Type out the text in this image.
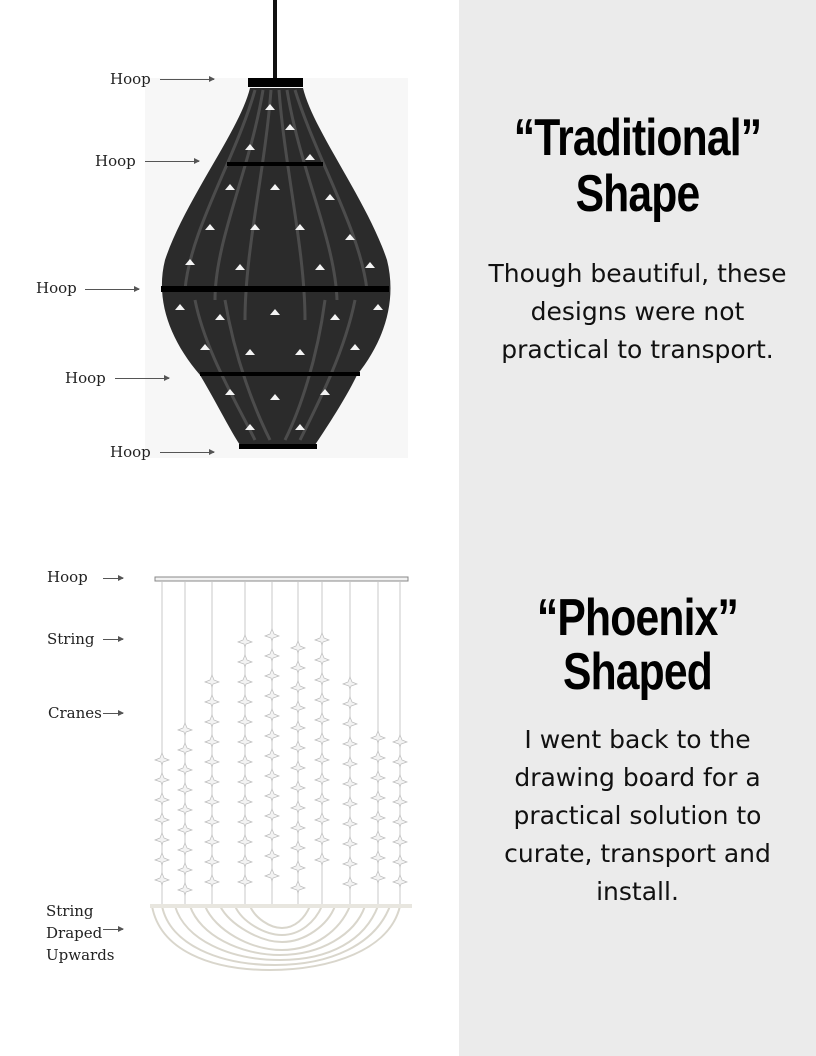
“Traditional”
Shape
Though beautiful, these designs were not practical to transport.
“Phoenix”
Shaped
I went back to the drawing board for a practical solution to curate, transport and install.
Hoop
Hoop
Hoop
Hoop
Hoop
Hoop
String
Cranes
String
Draped
Upwards
